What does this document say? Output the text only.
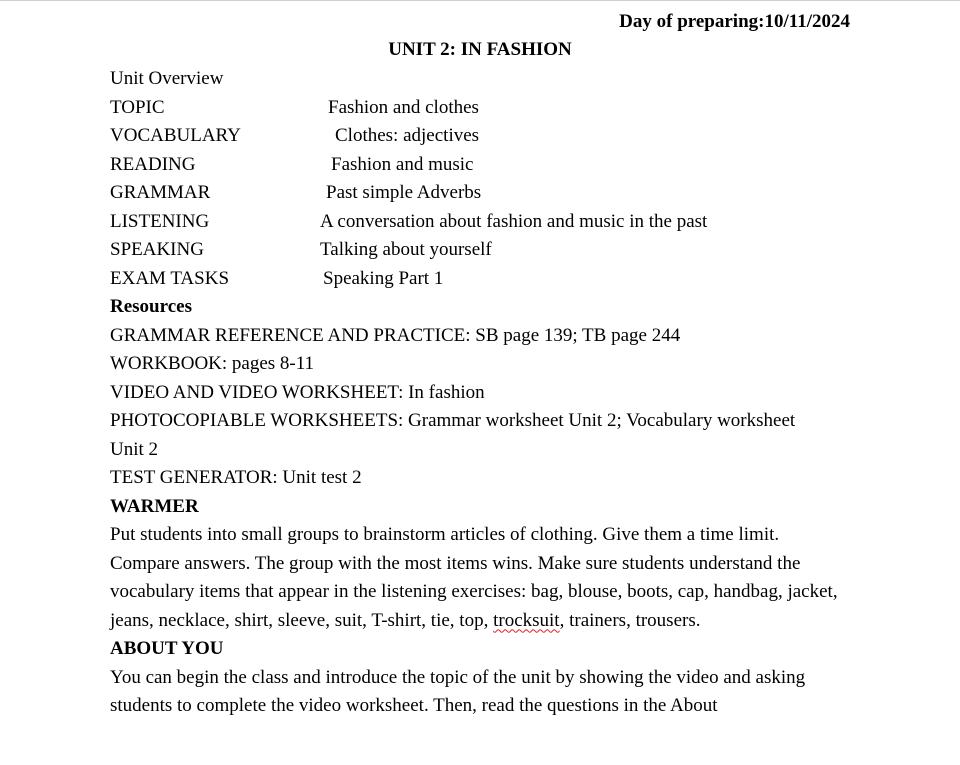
Day of preparing:10/11/2024
UNIT 2: IN FASHION
Unit Overview
TOPIC	Fashion and clothes
VOCABULARY	Clothes: adjectives
READING	Fashion and music
GRAMMAR	Past simple Adverbs
LISTENING	A conversation about fashion and music in the past
SPEAKING	Talking about yourself
EXAM TASKS	Speaking Part 1
Resources
GRAMMAR REFERENCE AND PRACTICE: SB page 139; TB page 244
WORKBOOK: pages 8-11
VIDEO AND VIDEO WORKSHEET: In fashion
PHOTOCOPIABLE WORKSHEETS: Grammar worksheet Unit 2; Vocabulary worksheet Unit 2
TEST GENERATOR: Unit test 2
WARMER
Put students into small groups to brainstorm articles of clothing. Give them a time limit. Compare answers. The group with the most items wins. Make sure students understand the vocabulary items that appear in the listening exercises: bag, blouse, boots, cap, handbag, jacket, jeans, necklace, shirt, sleeve, suit, T-shirt, tie, top, trocksuit, trainers, trousers.
ABOUT YOU
You can begin the class and introduce the topic of the unit by showing the video and asking students to complete the video worksheet. Then, read the questions in the About
